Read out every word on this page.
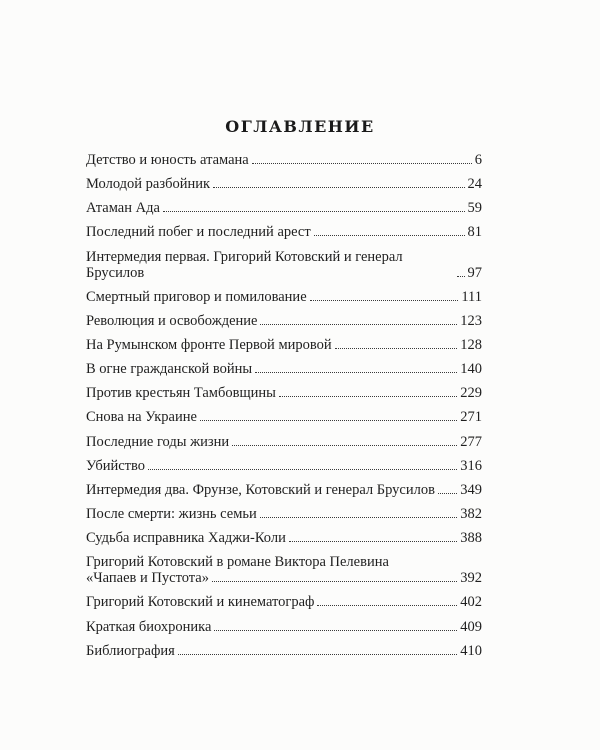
ОГЛАВЛЕНИЕ
Детство и юность атамана	6
Молодой разбойник	24
Атаман Ада	59
Последний побег и последний арест	81
Интермедия первая. Григорий Котовский и генерал Брусилов	97
Смертный приговор и помилование	111
Революция и освобождение	123
На Румынском фронте Первой мировой	128
В огне гражданской войны	140
Против крестьян Тамбовщины	229
Снова на Украине	271
Последние годы жизни	277
Убийство	316
Интермедия два. Фрунзе, Котовский и генерал Брусилов 349
После смерти: жизнь семьи	382
Судьба исправника Хаджи-Коли	388
Григорий Котовский в романе Виктора Пелевина
«Чапаев и Пустота»	392
Григорий Котовский и кинематограф	402
Краткая биохроника	409
Библиография	410
